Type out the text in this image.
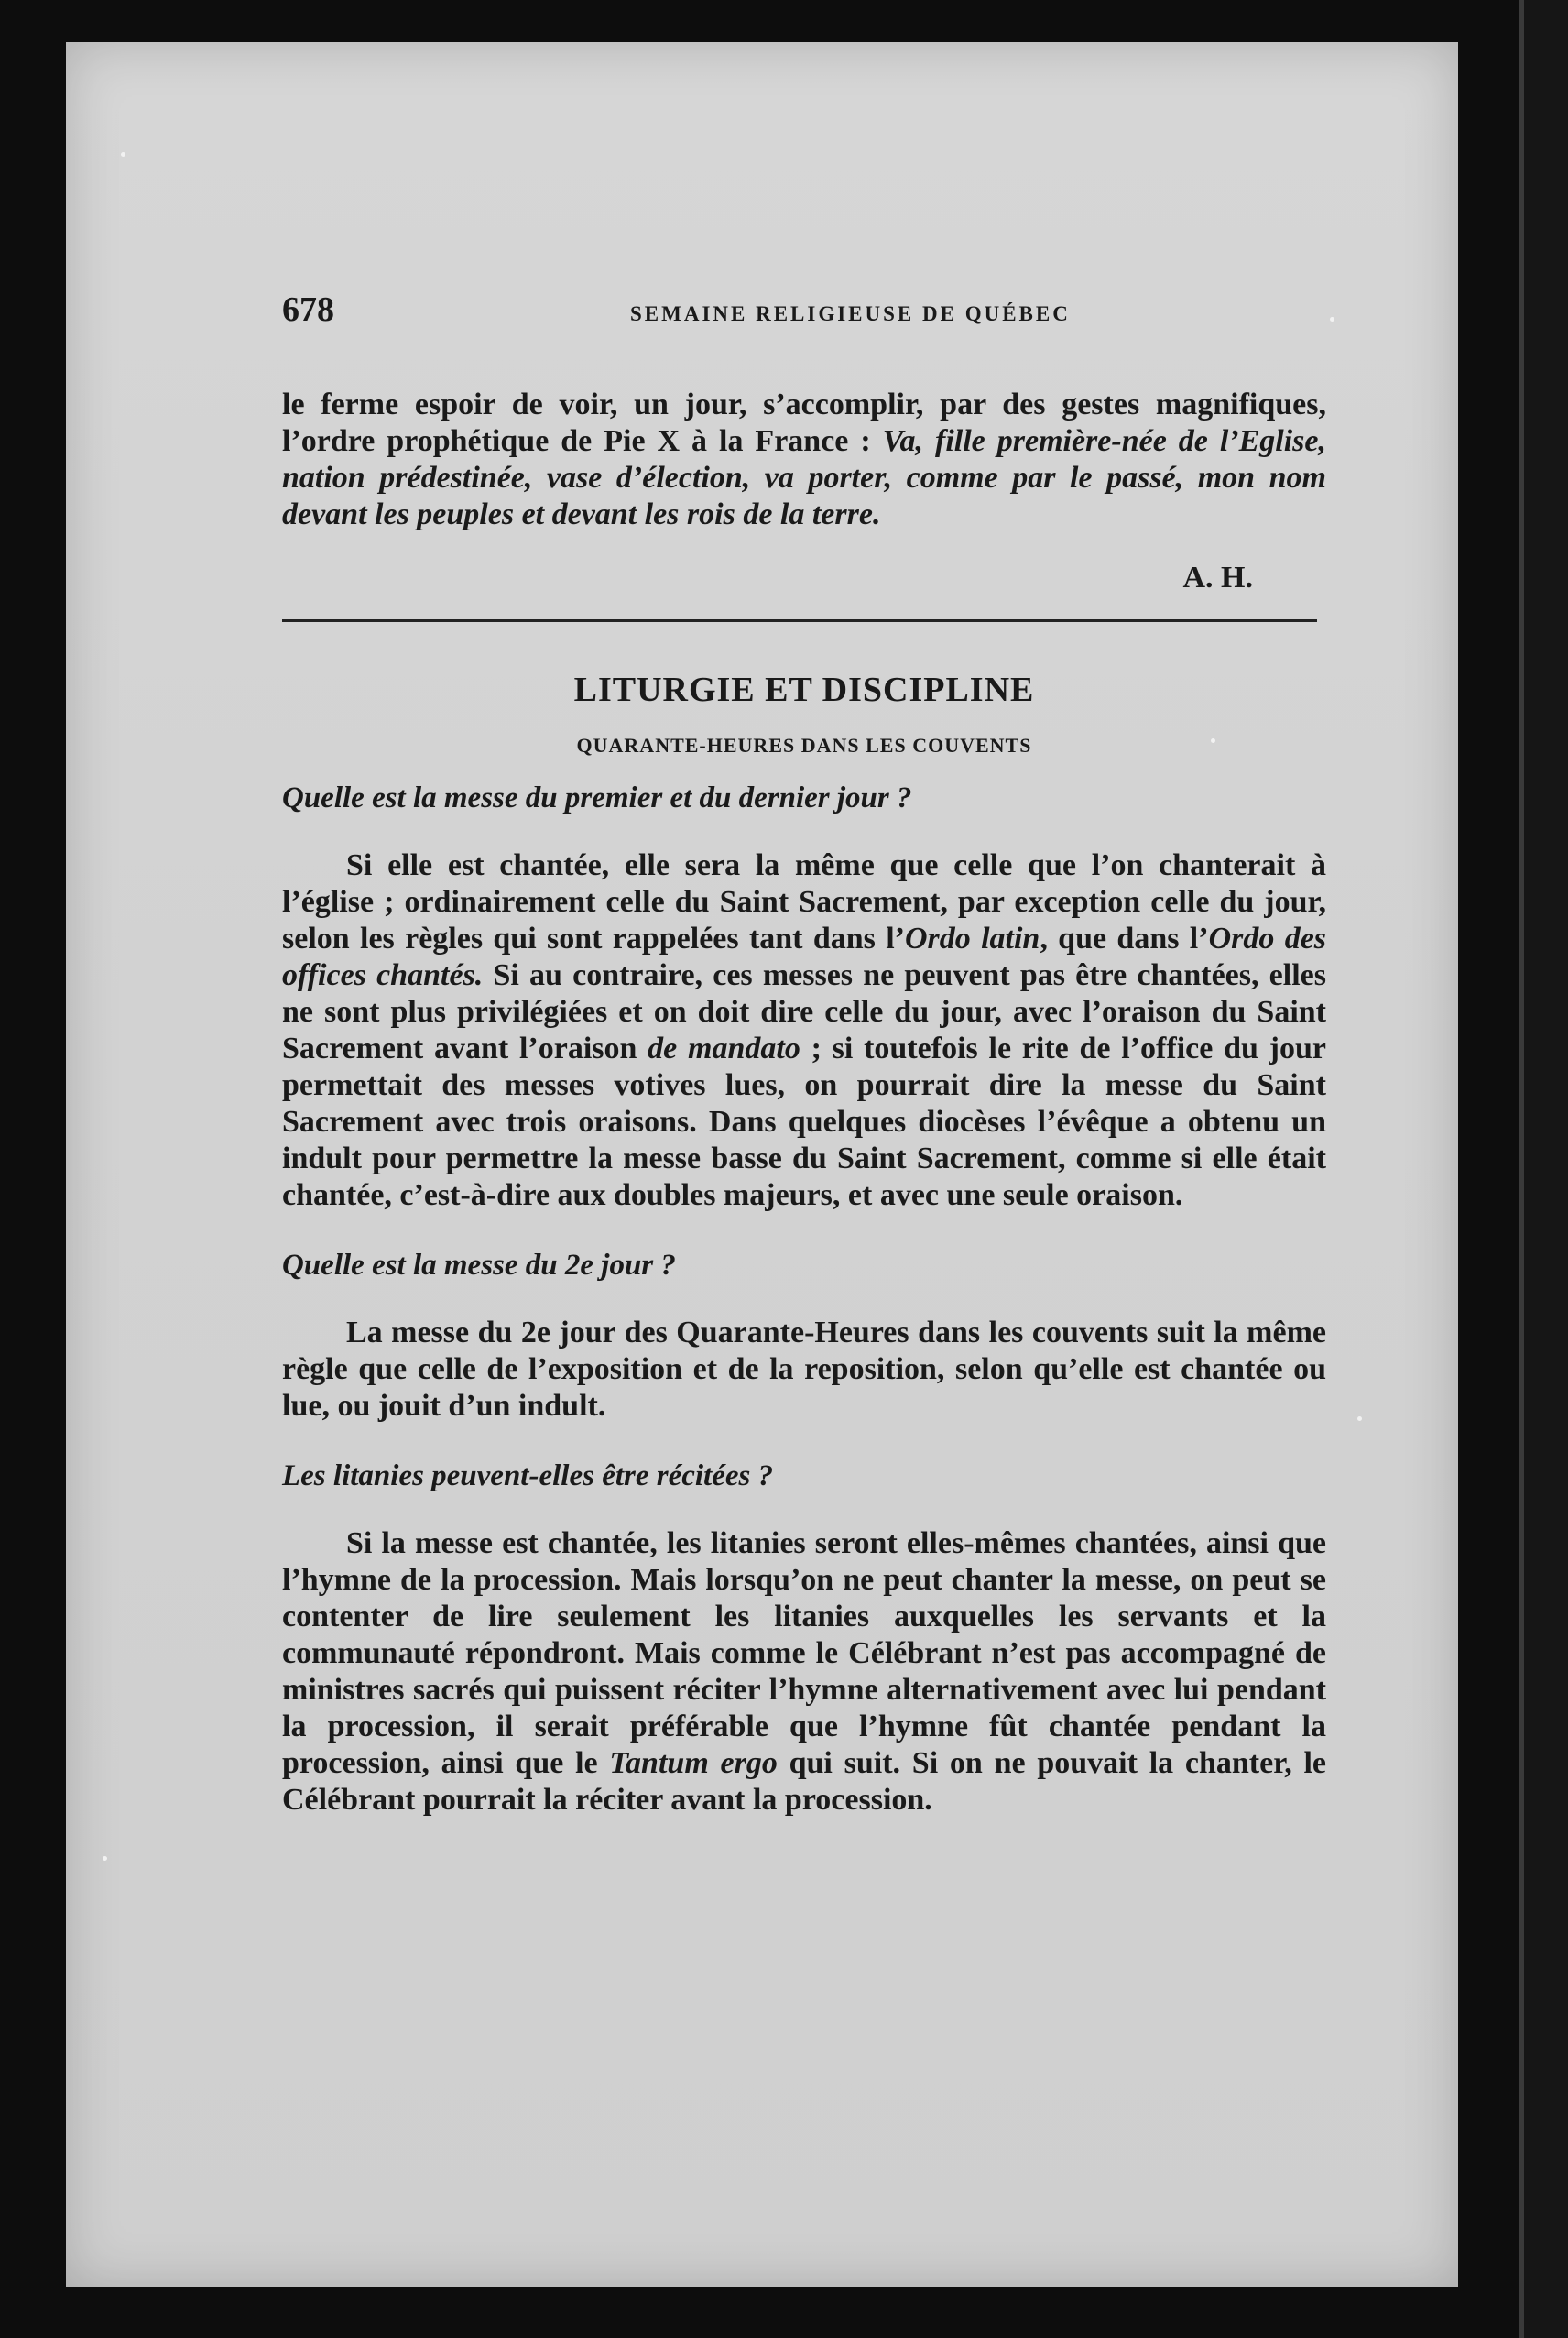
678	SEMAINE RELIGIEUSE DE QUÉBEC

le ferme espoir de voir, un jour, s’accomplir, par des gestes magnifiques, l’ordre prophétique de Pie X à la France : Va, fille première-née de l’Eglise, nation prédestinée, vase d’élection, va porter, comme par le passé, mon nom devant les peuples et devant les rois de la terre.

A. H.
LITURGIE ET DISCIPLINE
QUARANTE-HEURES DANS LES COUVENTS
Quelle est la messe du premier et du dernier jour ?

Si elle est chantée, elle sera la même que celle que l’on chanterait à l’église ; ordinairement celle du Saint Sacrement, par exception celle du jour, selon les règles qui sont rappelées tant dans l’Ordo latin, que dans l’Ordo des offices chantés. Si au contraire, ces messes ne peuvent pas être chantées, elles ne sont plus privilégiées et on doit dire celle du jour, avec l’oraison du Saint Sacrement avant l’oraison de mandato ; si toutefois le rite de l’office du jour permettait des messes votives lues, on pourrait dire la messe du Saint Sacrement avec trois oraisons. Dans quelques diocèses l’évêque a obtenu un indult pour permettre la messe basse du Saint Sacrement, comme si elle était chantée, c’est-à-dire aux doubles majeurs, et avec une seule oraison.

Quelle est la messe du 2e jour ?

La messe du 2e jour des Quarante-Heures dans les couvents suit la même règle que celle de l’exposition et de la reposition, selon qu’elle est chantée ou lue, ou jouit d’un indult.

Les litanies peuvent-elles être récitées ?

Si la messe est chantée, les litanies seront elles-mêmes chantées, ainsi que l’hymne de la procession. Mais lorsqu’on ne peut chanter la messe, on peut se contenter de lire seulement les litanies auxquelles les servants et la communauté répondront. Mais comme le Célébrant n’est pas accompagné de ministres sacrés qui puissent réciter l’hymne alternativement avec lui pendant la procession, il serait préférable que l’hymne fût chantée pendant la procession, ainsi que le Tantum ergo qui suit. Si on ne pouvait la chanter, le Célébrant pourrait la réciter avant la procession.
